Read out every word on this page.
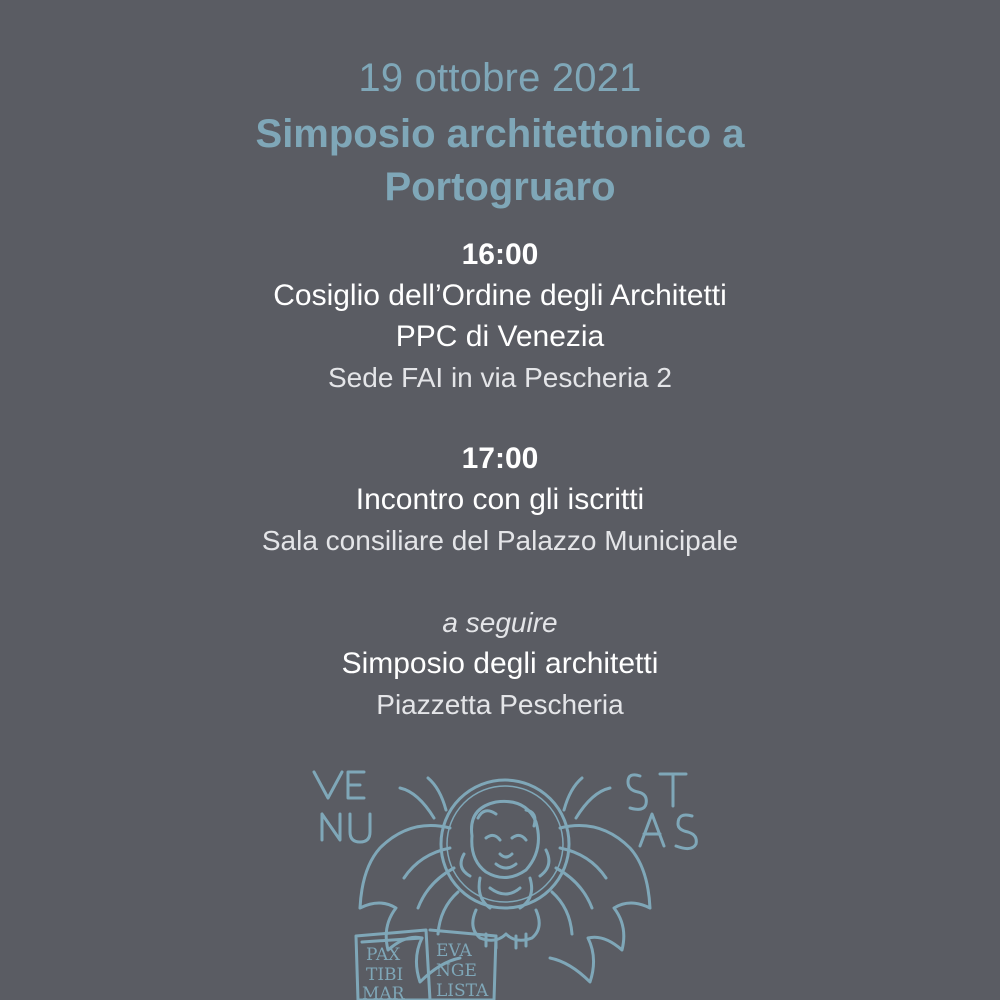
19 ottobre 2021
Simposio architettonico a
Portogruaro
16:00
Cosiglio dell’Ordine degli Architetti
PPC di Venezia
Sede FAI in via Pescheria 2
17:00
Incontro con gli iscritti
Sala consiliare del Palazzo Municipale
a seguire
Simposio degli architetti
Piazzetta Pescheria
PAX
TIBI
MAR
EVA
NGE
LISTA
